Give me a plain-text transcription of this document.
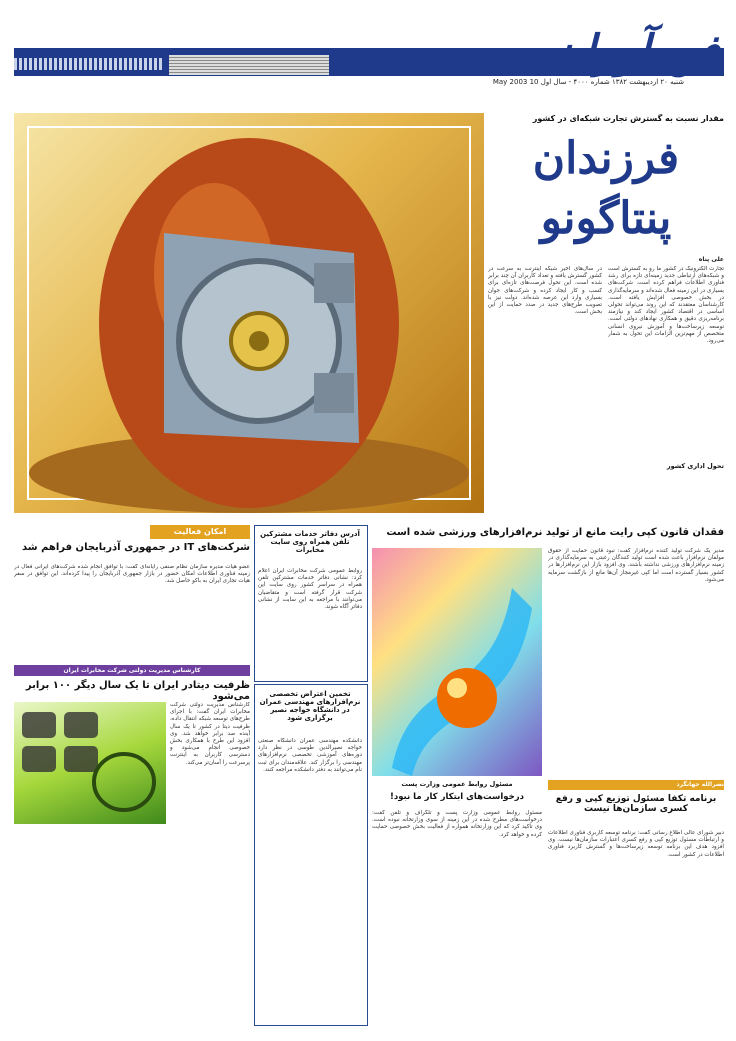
فن آوران
شنبه ۲۰ اردیبهشت ۱۳۸۲ شماره ۴۰۰۰ - سال اول 10 May 2003
مقدار نسبت به گسترش تجارت شبکه‌ای در کشور
فرزندان
پنتاگونو
علی پناه
تجارت الکترونیک در کشور ما رو به گسترش است و شبکه‌های ارتباطی جدید زمینه‌ای تازه برای رشد فناوری اطلاعات فراهم کرده است. شرکت‌های بسیاری در این زمینه فعال شده‌اند و سرمایه‌گذاری در بخش خصوصی افزایش یافته است. کارشناسان معتقدند که این روند می‌تواند تحولی اساسی در اقتصاد کشور ایجاد کند و نیازمند برنامه‌ریزی دقیق و همکاری نهادهای دولتی است. توسعه زیرساخت‌ها و آموزش نیروی انسانی متخصص از مهم‌ترین الزامات این تحول به شمار می‌رود.
در سال‌های اخیر شبکه اینترنت به سرعت در کشور گسترش یافته و تعداد کاربران آن چند برابر شده است. این تحول فرصت‌های تازه‌ای برای کسب و کار ایجاد کرده و شرکت‌های جوان بسیاری وارد این عرصه شده‌اند. دولت نیز با تصویب طرح‌های جدید در صدد حمایت از این بخش است.
تحول اداری کشور
امکان فعالیت
شرکت‌های IT در جمهوری آذربایجان فراهم شد
عضو هیات مدیره سازمان نظام صنفی رایانه‌ای گفت: با توافق انجام شده شرکت‌های ایرانی فعال در زمینه فناوری اطلاعات امکان حضور در بازار جمهوری آذربایجان را پیدا کرده‌اند. این توافق در سفر هیات تجاری ایران به باکو حاصل شد.
کارشناس مدیریت دولتی شرکت مخابرات ایران
ظرفیت دیتادر ایران تا یک سال دیگر ۱۰۰ برابر می‌شود
کارشناس مدیریت دولتی شرکت مخابرات ایران گفت: با اجرای طرح‌های توسعه شبکه انتقال داده، ظرفیت دیتا در کشور تا یک سال آینده صد برابر خواهد شد. وی افزود این طرح با همکاری بخش خصوصی انجام می‌شود و دسترسی کاربران به اینترنت پرسرعت را آسان‌تر می‌کند.
آدرس دفاتر خدمات مشترکین تلفن همراه روی سایت مخابرات
روابط عمومی شرکت مخابرات ایران اعلام کرد: نشانی دفاتر خدمات مشترکین تلفن همراه در سراسر کشور روی سایت این شرکت قرار گرفته است و متقاضیان می‌توانند با مراجعه به این سایت از نشانی دفاتر آگاه شوند.
تخمین اعتراض تخصصی نرم‌افزارهای مهندسی عمران در دانشگاه خواجه نصیر برگزاری شود
دانشکده مهندسی عمران دانشگاه صنعتی خواجه نصیرالدین طوسی در نظر دارد دوره‌های آموزشی تخصصی نرم‌افزارهای مهندسی را برگزار کند. علاقه‌مندان برای ثبت نام می‌توانند به دفتر دانشکده مراجعه کنند.
فقدان قانون کپی رایت مانع از تولید نرم‌افزارهای ورزشی شده است
مدیر یک شرکت تولید کننده نرم‌افزار گفت: نبود قانون حمایت از حقوق مولفان نرم‌افزار باعث شده است تولید کنندگان رغبتی به سرمایه‌گذاری در زمینه نرم‌افزارهای ورزشی نداشته باشند. وی افزود بازار این نرم‌افزارها در کشور بسیار گسترده است اما کپی غیرمجاز آن‌ها مانع از بازگشت سرمایه می‌شود.
مسئول روابط عمومی وزارت پست
درخواست‌های ابتکار کار ما نبود!
مسئول روابط عمومی وزارت پست و تلگراف و تلفن گفت: درخواست‌های مطرح شده در این زمینه از سوی وزارتخانه نبوده است. وی تاکید کرد که این وزارتخانه همواره از فعالیت بخش خصوصی حمایت کرده و خواهد کرد.
نصرالله جهانگرد
برنامه تکفا مسئول توزیع کپی و رفع کسری سازمان‌ها نیست
دبیر شورای عالی اطلاع رسانی گفت: برنامه توسعه کاربری فناوری اطلاعات و ارتباطات مسئول توزیع کپی و رفع کسری اعتبارات سازمان‌ها نیست. وی افزود هدف این برنامه توسعه زیرساخت‌ها و گسترش کاربرد فناوری اطلاعات در کشور است.
